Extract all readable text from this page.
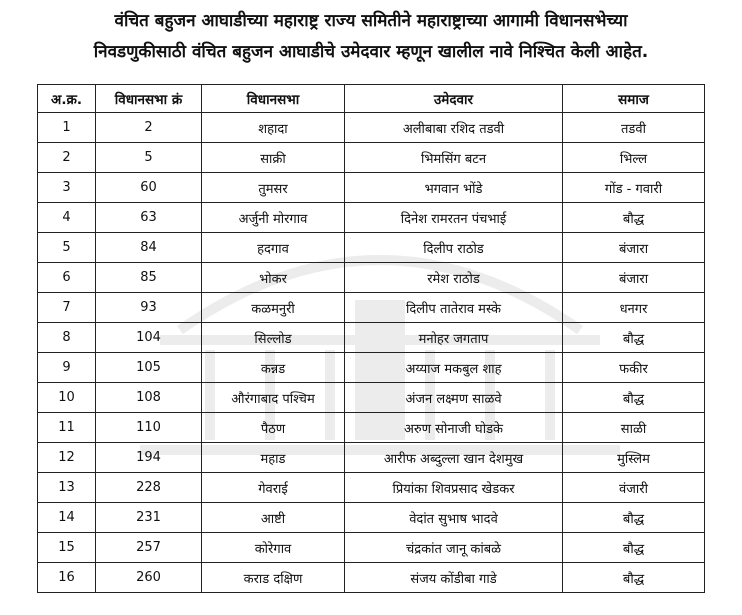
वंचित बहुजन आघाडीच्या महाराष्ट्र राज्य समितीने महाराष्ट्राच्या आगामी विधानसभेच्या
निवडणुकीसाठी वंचित बहुजन आघाडीचे उमेदवार म्हणून खालील नावे निश्चित केली आहेत.
अ.क्र.	विधानसभा क्रं	विधानसभा	उमेदवार	समाज
1	2	शहादा	अलीबाबा रशिद तडवी	तडवी
2	5	साक्री	भिमसिंग बटन	भिल्ल
3	60	तुमसर	भगवान भोंडे	गोंड - गवारी
4	63	अर्जुनी मोरगाव	दिनेश रामरतन पंचभाई	बौद्ध
5	84	हदगाव	दिलीप राठोड	बंजारा
6	85	भोकर	रमेश राठोड	बंजारा
7	93	कळमनुरी	दिलीप तातेराव मस्के	धनगर
8	104	सिल्लोड	मनोहर जगताप	बौद्ध
9	105	कन्नड	अय्याज मकबुल शाह	फकीर
10	108	औरंगाबाद पश्चिम	अंजन लक्ष्मण साळवे	बौद्ध
11	110	पैठण	अरुण सोनाजी घोडके	साळी
12	194	महाड	आरीफ अब्दुल्ला खान देशमुख	मुस्लिम
13	228	गेवराई	प्रियांका शिवप्रसाद खेडकर	वंजारी
14	231	आष्टी	वेदांत सुभाष भादवे	बौद्ध
15	257	कोरेगाव	चंद्रकांत जानू कांबळे	बौद्ध
16	260	कराड दक्षिण	संजय कोंडीबा गाडे	बौद्ध
